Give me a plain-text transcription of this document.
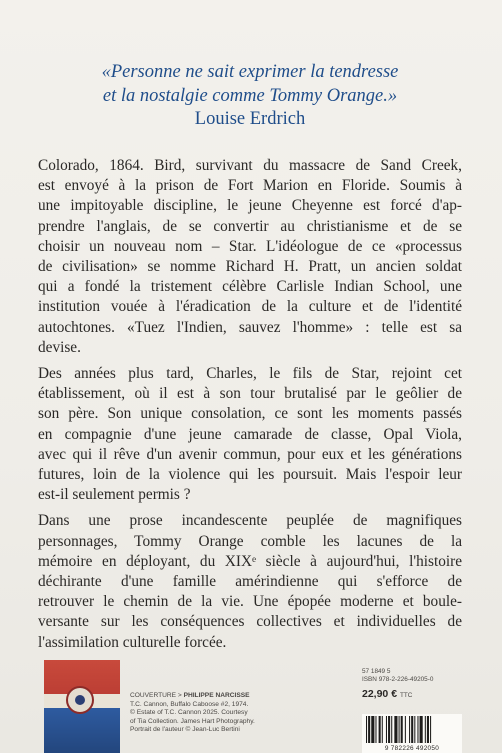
«Personne ne sait exprimer la tendresse
et la nostalgie comme Tommy Orange.»

Louise Erdrich

Colorado, 1864. Bird, survivant du massacre de Sand Creek,
est envoyé à la prison de Fort Marion en Floride. Soumis à
une impitoyable discipline, le jeune Cheyenne est forcé d'ap-
prendre l'anglais, de se convertir au christianisme et de se
choisir un nouveau nom – Star. L'idéologue de ce «processus
de civilisation» se nomme Richard H. Pratt, un ancien soldat
qui a fondé la tristement célèbre Carlisle Indian School, une
institution vouée à l'éradication de la culture et de l'identité
autochtones. «Tuez l'Indien, sauvez l'homme» : telle est sa
devise.

Des années plus tard, Charles, le fils de Star, rejoint cet
établissement, où il est à son tour brutalisé par le geôlier de
son père. Son unique consolation, ce sont les moments passés
en compagnie d'une jeune camarade de classe, Opal Viola,
avec qui il rêve d'un avenir commun, pour eux et les générations
futures, loin de la violence qui les poursuit. Mais l'espoir leur
est-il seulement permis ?

Dans une prose incandescente peuplée de magnifiques
personnages, Tommy Orange comble les lacunes de la
mémoire en déployant, du XIXᵉ siècle à aujourd'hui, l'histoire
déchirante d'une famille amérindienne qui s'efforce de
retrouver le chemin de la vie. Une épopée moderne et boule-
versante sur les conséquences collectives et individuelles de
l'assimilation culturelle forcée.

COUVERTURE > PHILIPPE NARCISSE
T.C. Cannon, Buffalo Caboose #2, 1974.
© Estate of T.C. Cannon 2025. Courtesy
of Tia Collection. James Hart Photography.
Portrait de l'auteur © Jean-Luc Bertini
57 1849 5
ISBN 978-2-226-49205-0
22,90 € TTC
9 782226 492050
